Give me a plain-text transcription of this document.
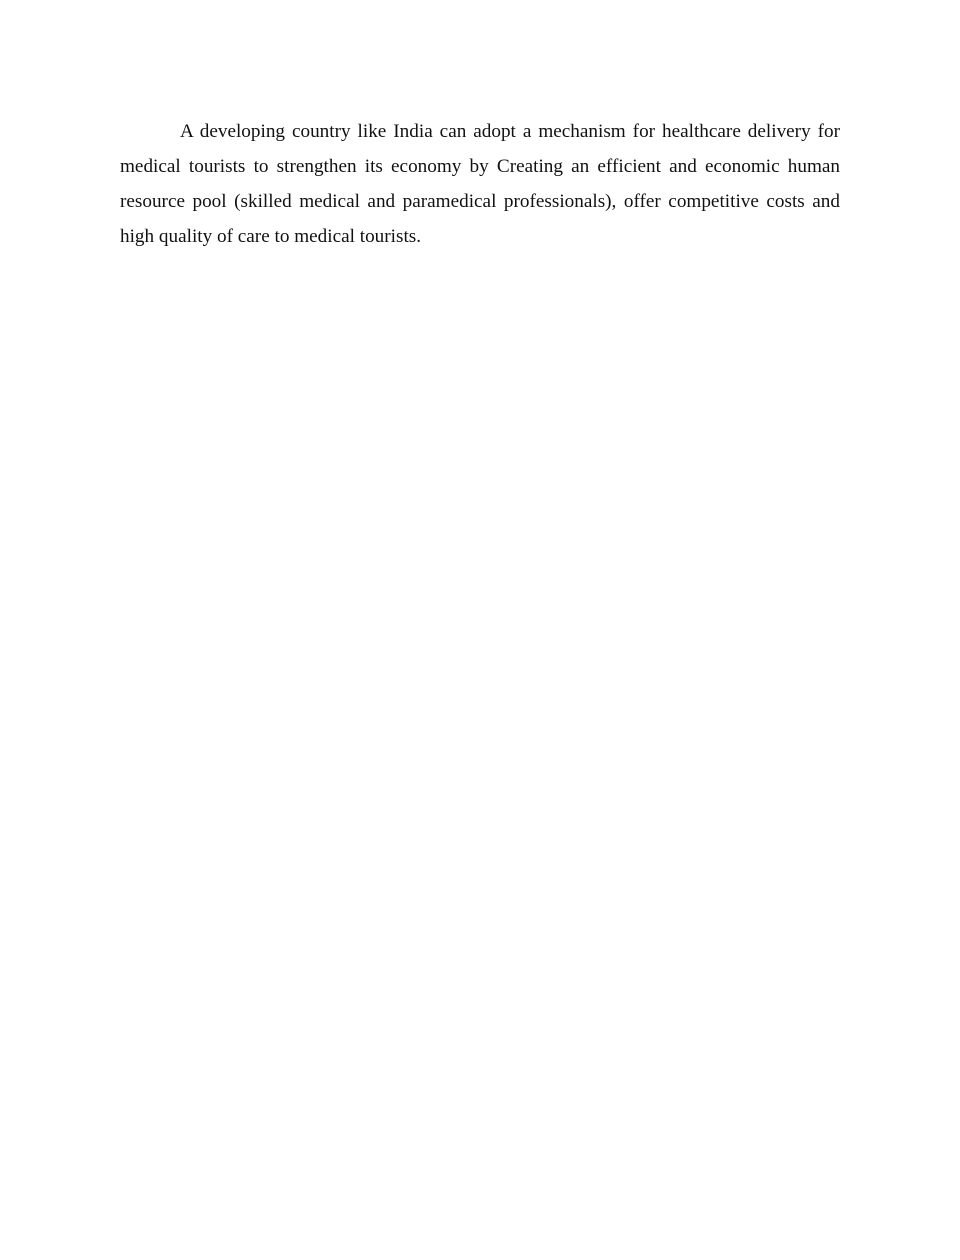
A developing country like India can adopt a mechanism for healthcare delivery for medical tourists to strengthen its economy by Creating an efficient and economic human resource pool (skilled medical and paramedical professionals), offer competitive costs and high quality of care to medical tourists.
